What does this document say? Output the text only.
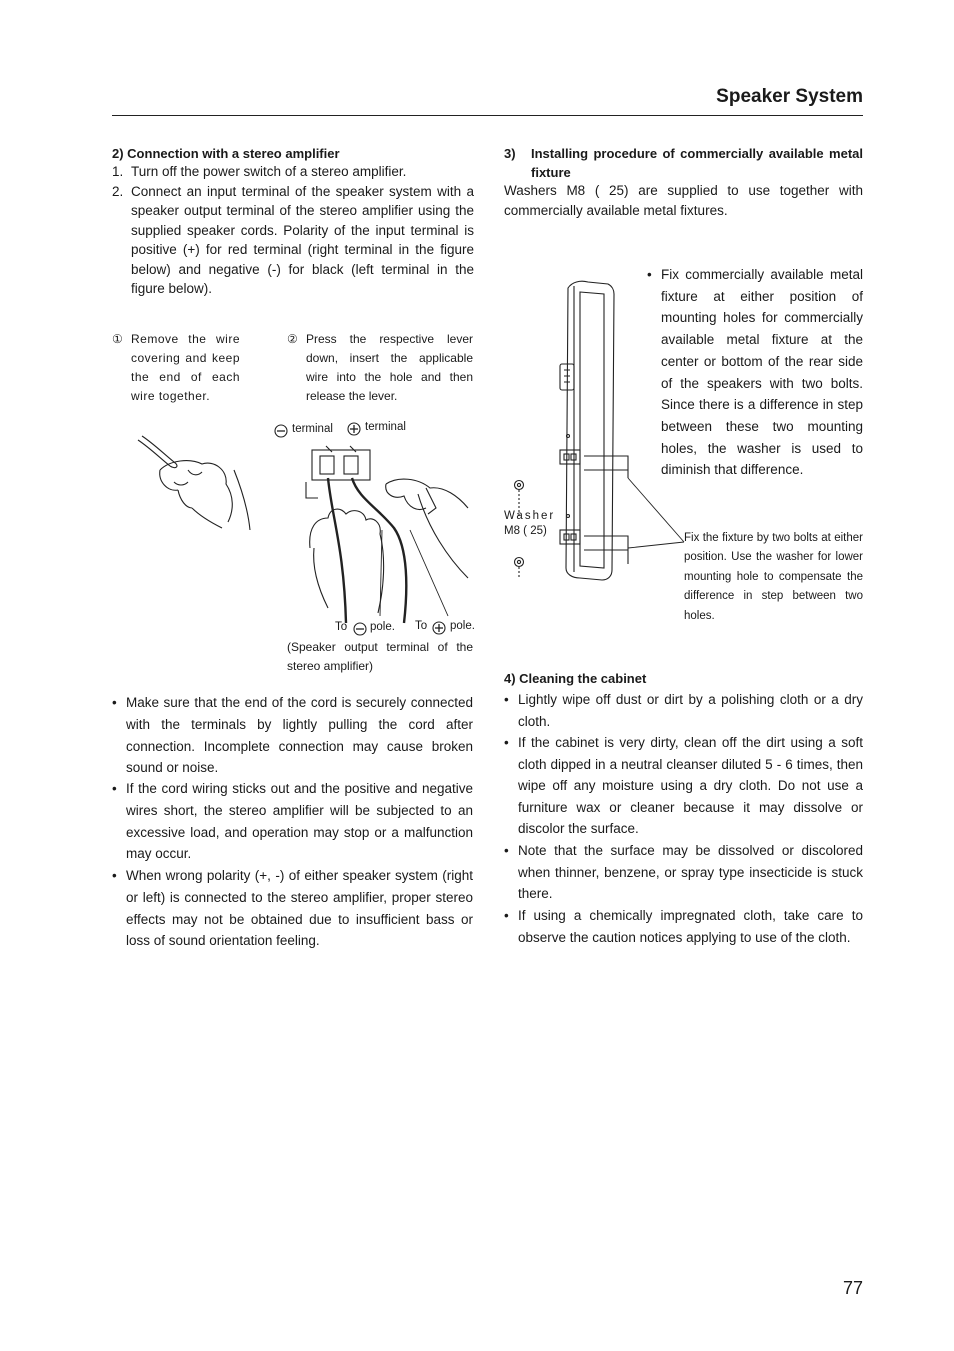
Speaker System
2) Connection with a stereo amplifier
1. Turn off the power switch of a stereo amplifier.
2. Connect an input terminal of the speaker system with a speaker output terminal of the stereo amplifier using the supplied speaker cords. Polarity of the input terminal is positive (+) for red terminal (right terminal in the figure below) and negative (-) for black (left terminal in the figure below).
① Remove the wire covering and keep the end of each wire together.
② Press the respective lever down, insert the applicable wire into the hole and then release the lever.
terminal	terminal
To pole. To pole.
(Speaker output terminal of the stereo amplifier)
• Make sure that the end of the cord is securely connected with the terminals by lightly pulling the cord after connection. Incomplete connection may cause broken sound or noise.
• If the cord wiring sticks out and the positive and negative wires short, the stereo amplifier will be subjected to an excessive load, and operation may stop or a malfunction may occur.
• When wrong polarity (+, -) of either speaker system (right or left) is connected to the stereo amplifier, proper stereo effects may not be obtained due to insufficient bass or loss of sound orientation feeling.
3)	Installing procedure of commercially available metal fixture
Washers M8 ( 25) are supplied to use together with commercially available metal fixtures.
• Fix commercially available metal fixture at either position of mounting holes for commercially available metal fixture at the center or bottom of the rear side of the speakers with two bolts. Since there is a difference in step between these two mounting holes, the washer is used to diminish that difference.
Washer
M8 ( 25)
Fix the fixture by two bolts at either position. Use the washer for lower mounting hole to compensate the difference in step between two holes.
4) Cleaning the cabinet
• Lightly wipe off dust or dirt by a polishing cloth or a dry cloth.
• If the cabinet is very dirty, clean off the dirt using a soft cloth dipped in a neutral cleanser diluted 5 - 6 times, then wipe off any moisture using a dry cloth. Do not use a furniture wax or cleaner because it may dissolve or discolor the surface.
• Note that the surface may be dissolved or discolored when thinner, benzene, or spray type insecticide is stuck there.
• If using a chemically impregnated cloth, take care to observe the caution notices applying to use of the cloth.
77
